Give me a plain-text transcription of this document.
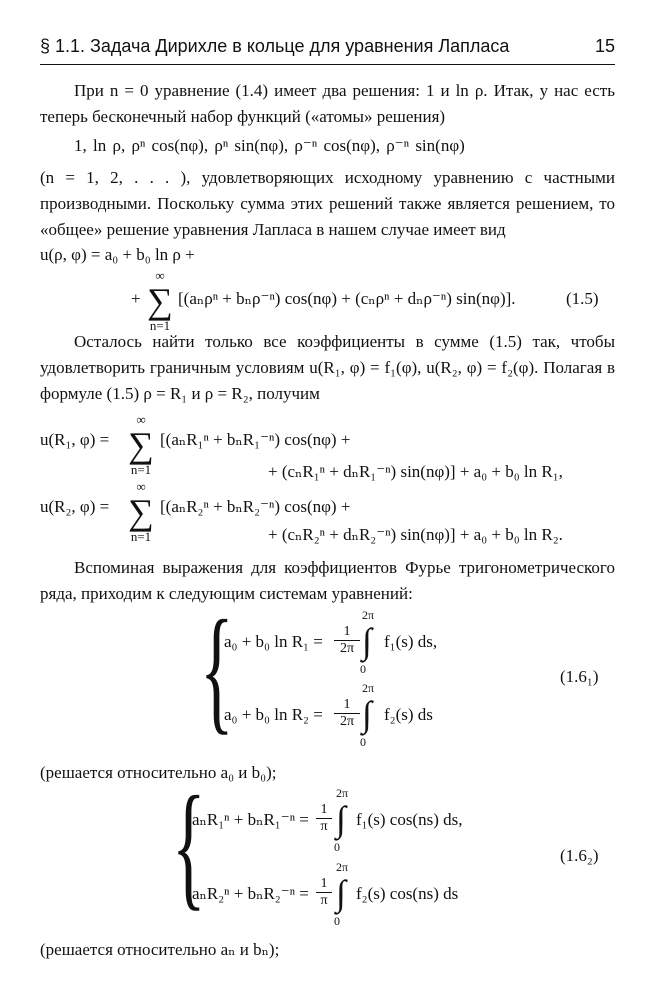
§ 1.1. Задача Дирихле в кольце для уравнения Лапласа	15
При n = 0 уравнение (1.4) имеет два решения: 1 и ln ρ. Итак, у нас есть теперь бесконечный набор функций («атомы» решения)
1, ln ρ, ρⁿ cos(nφ), ρⁿ sin(nφ), ρ⁻ⁿ cos(nφ), ρ⁻ⁿ sin(nφ)
(n = 1, 2, . . . ), удовлетворяющих исходному уравнению с частными производными. Поскольку сумма этих решений также является решением, то «общее» решение уравнения Лапласа в нашем случае имеет вид
u(ρ, φ) = a₀ + b₀ ln ρ +
+
∞
∑
n=1
[(aₙρⁿ + bₙρ⁻ⁿ) cos(nφ) + (cₙρⁿ + dₙρ⁻ⁿ) sin(nφ)].	(1.5)
Осталось найти только все коэффициенты в сумме (1.5) так, чтобы удовлетворить граничным условиям u(R₁, φ) = f₁(φ), u(R₂, φ) = f₂(φ). Полагая в формуле (1.5) ρ = R₁ и ρ = R₂, получим
u(R₁, φ) =
∞
∑
n=1
[(aₙR₁ⁿ + bₙR₁⁻ⁿ) cos(nφ) +
+ (cₙR₁ⁿ + dₙR₁⁻ⁿ) sin(nφ)] + a₀ + b₀ ln R₁,
u(R₂, φ) =
∞
∑
n=1
[(aₙR₂ⁿ + bₙR₂⁻ⁿ) cos(nφ) +
+ (cₙR₂ⁿ + dₙR₂⁻ⁿ) sin(nφ)] + a₀ + b₀ ln R₂.
Вспоминая выражения для коэффициентов Фурье тригонометрического ряда, приходим к следующим системам уравнений:
{
a₀ + b₀ $\ln R_1 = \frac{1}{2\pi}$
2π
∫
0
f₁(s) ds,
a₀ + b₀ $\ln R_2 = \frac{1}{2\pi}$
2π
∫
0
f₂(s) ds
(1.6₁)
(решается относительно a₀ и b₀);
{
$a_nR_1^n + b_nR_1^{-n} = \frac{1}{\pi}$
2π
∫
0
f₁(s) cos(ns) ds,
$a_nR_2^n + b_nR_2^{-n} = \frac{1}{\pi}$
2π
∫
0
f₂(s) cos(ns) ds
(1.6₂)
(решается относительно aₙ и bₙ);
